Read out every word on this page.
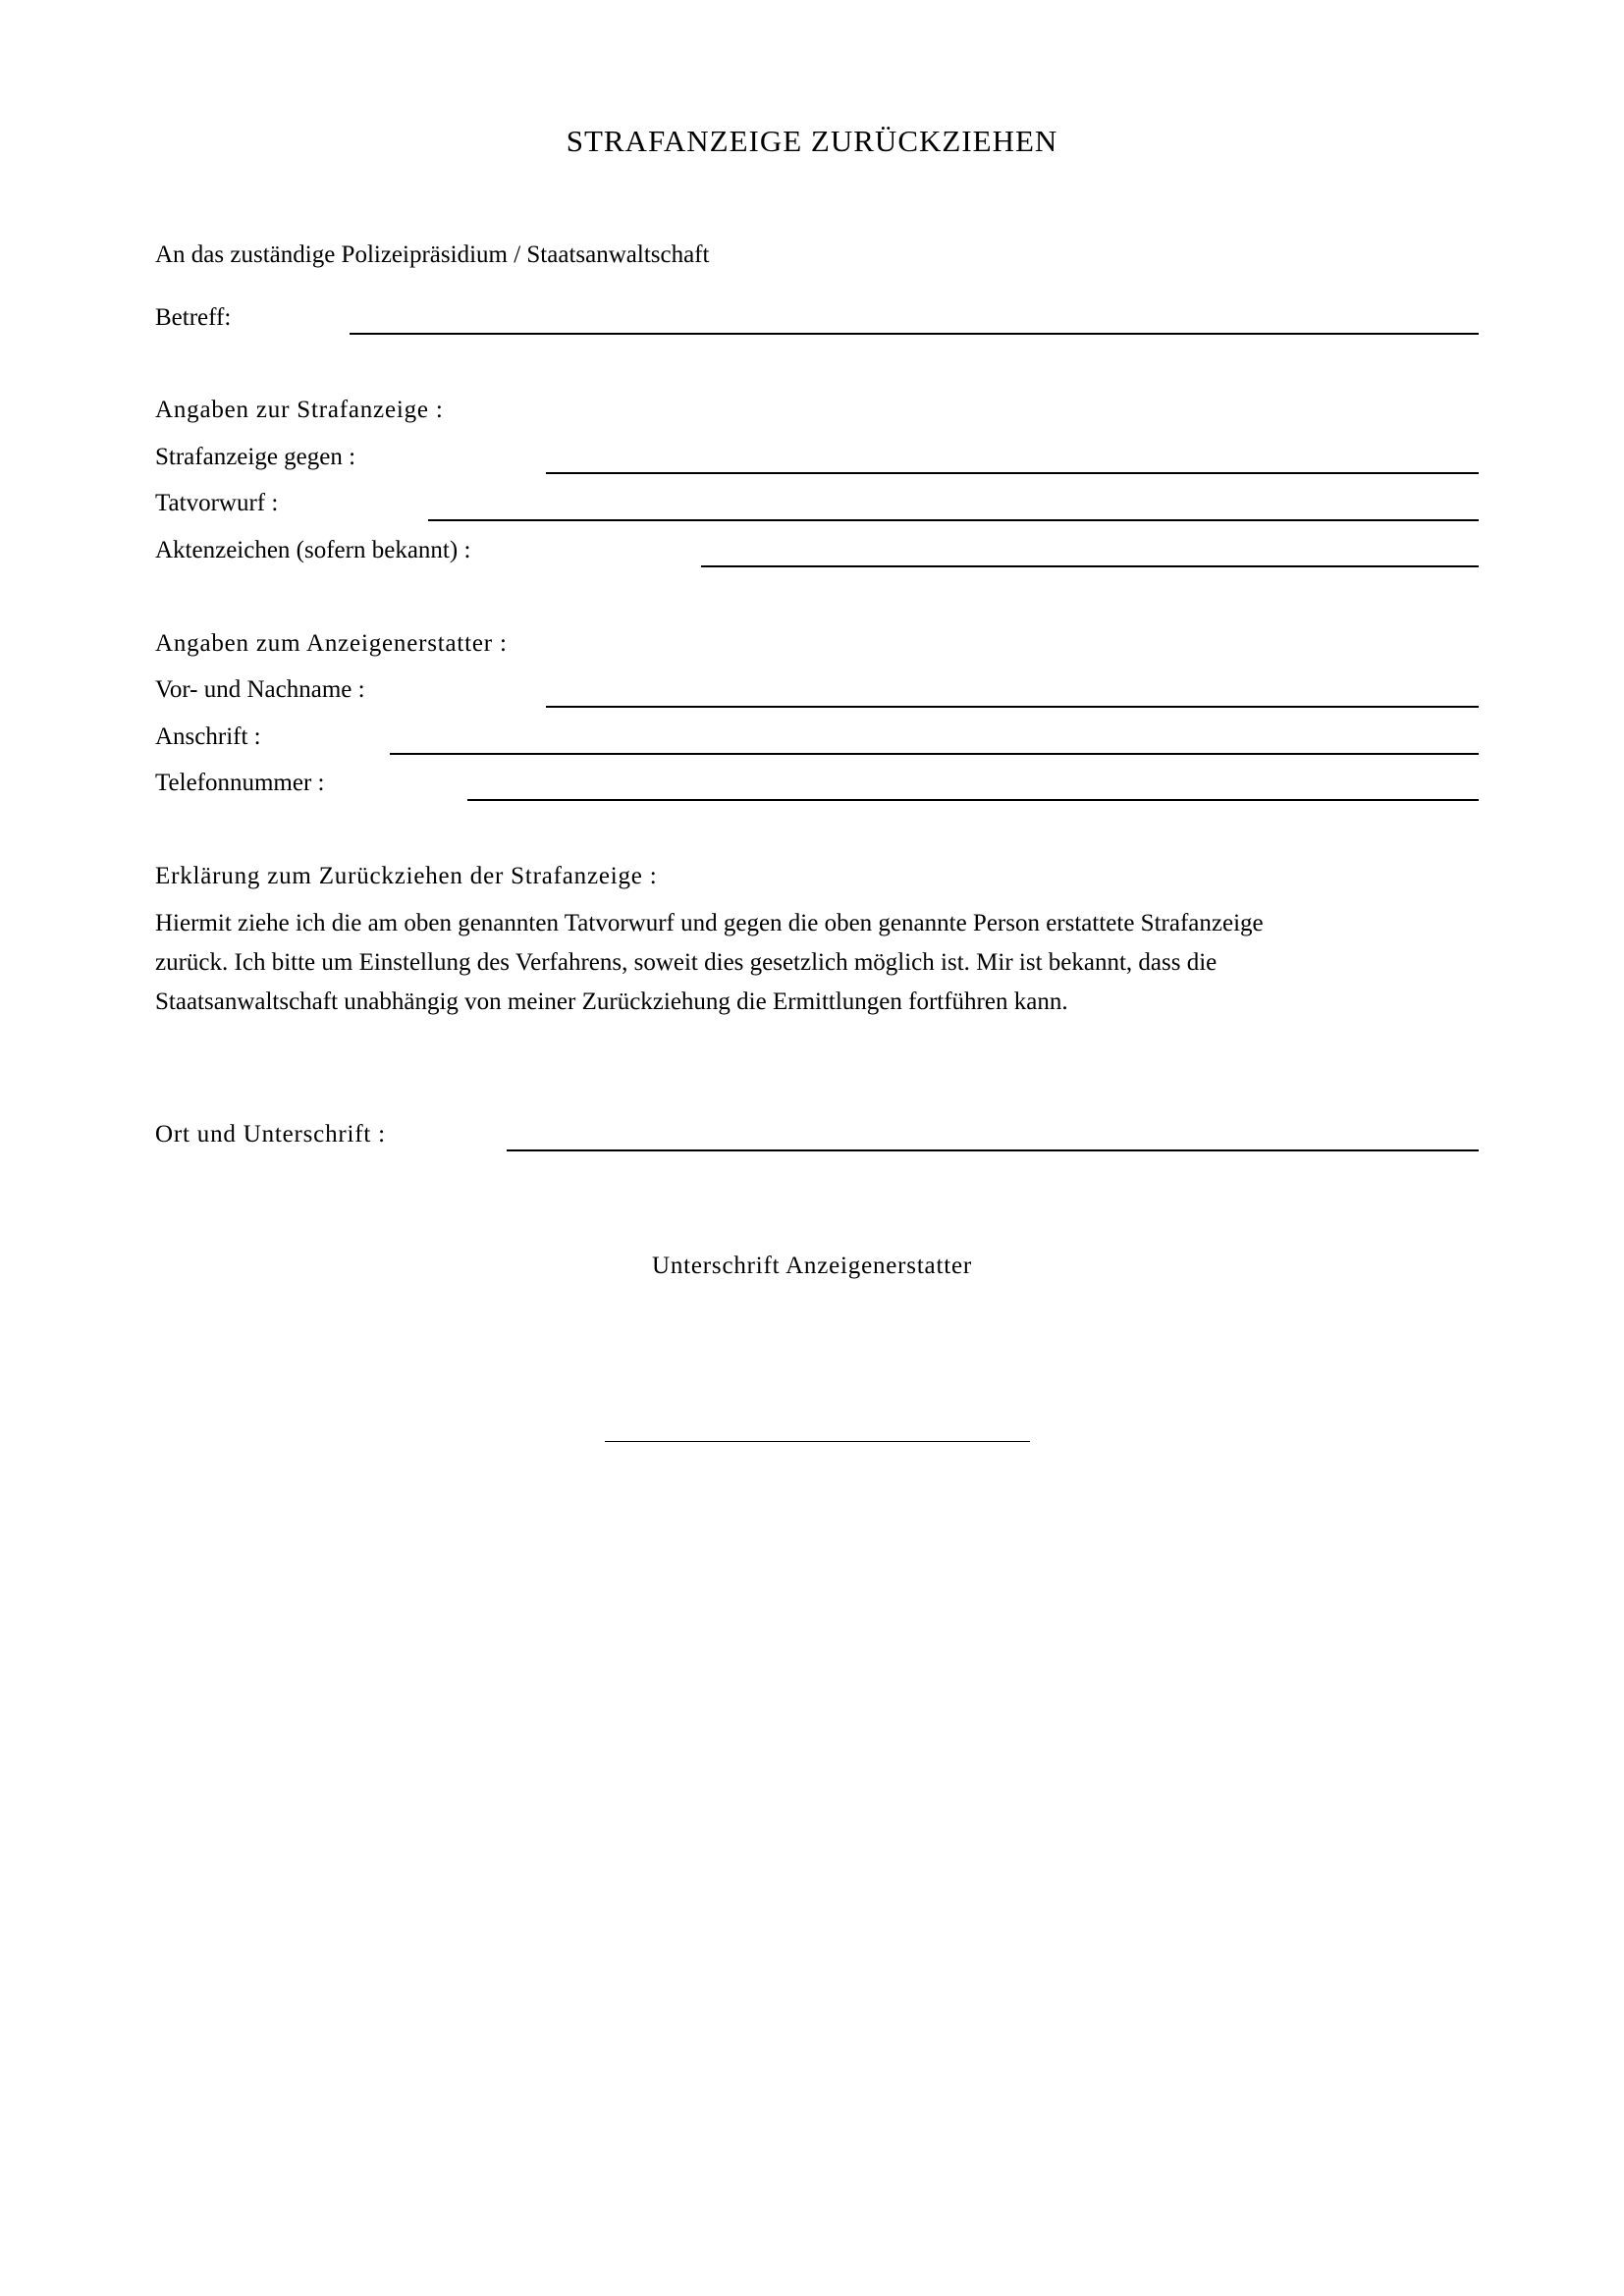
STRAFANZEIGE ZURÜCKZIEHEN
An das zuständige Polizeipräsidium / Staatsanwaltschaft
Betreff:
Angaben zur Strafanzeige :
Strafanzeige gegen :
Tatvorwurf :
Aktenzeichen (sofern bekannt) :
Angaben zum Anzeigenerstatter :
Vor- und Nachname :
Anschrift :
Telefonnummer :
Erklärung zum Zurückziehen der Strafanzeige :

Hiermit ziehe ich die am oben genannten Tatvorwurf und gegen die oben genannte Person erstattete Strafanzeige

zurück. Ich bitte um Einstellung des Verfahrens, soweit dies gesetzlich möglich ist. Mir ist bekannt, dass die

Staatsanwaltschaft unabhängig von meiner Zurückziehung die Ermittlungen fortführen kann.

Ort und Unterschrift :
Unterschrift Anzeigenerstatter
